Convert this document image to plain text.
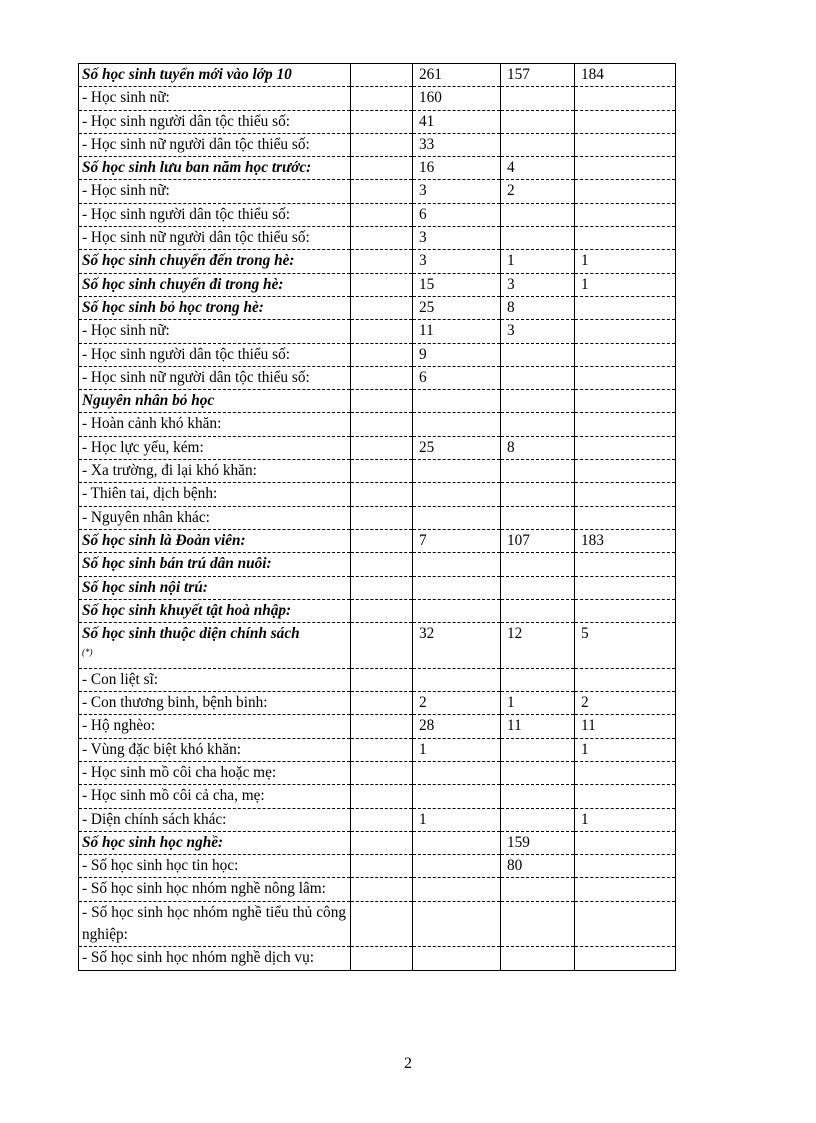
Số học sinh tuyển mới vào lớp 10		261	157	184
- Học sinh nữ:		160		
- Học sinh người dân tộc thiểu số:		41		
- Học sinh nữ người dân tộc thiểu số:		33		
Số học sinh lưu ban năm học trước:		16	4	
- Học sinh nữ:		3	2	
- Học sinh người dân tộc thiểu số:		6		
- Học sinh nữ người dân tộc thiểu số:		3		
Số học sinh chuyển đến trong hè:		3	1	1
Số học sinh chuyển đi trong hè:		15	3	1
Số học sinh bỏ học trong hè:		25	8	
- Học sinh nữ:		11	3	
- Học sinh người dân tộc thiểu số:		9		
- Học sinh nữ người dân tộc thiểu số:		6		
Nguyên nhân bỏ học				
- Hoàn cảnh khó khăn:				
- Học lực yếu, kém:		25	8	
- Xa trường, đi lại khó khăn:				
- Thiên tai, dịch bệnh:				
- Nguyên nhân khác:				
Số học sinh là Đoàn viên:		7	107	183
Số học sinh bán trú dân nuôi:				
Số học sinh nội trú:				
Số học sinh khuyết tật hoà nhập:				
Số học sinh thuộc diện chính sách
(*)		32	12	5
- Con liệt sĩ:				
- Con thương binh, bệnh binh:		2	1	2
- Hộ nghèo:		28	11	11
- Vùng đặc biệt khó khăn:		1		1
- Học sinh mồ côi cha hoặc mẹ:				
- Học sinh mồ côi cả cha, mẹ:				
- Diện chính sách khác:		1		1
Số học sinh học nghề:			159	
- Số học sinh học tin học:			80	
- Số học sinh học nhóm nghề nông lâm:				
- Số học sinh học nhóm nghề tiểu thủ công nghiệp:				
- Số học sinh học nhóm nghề dịch vụ:				
2
